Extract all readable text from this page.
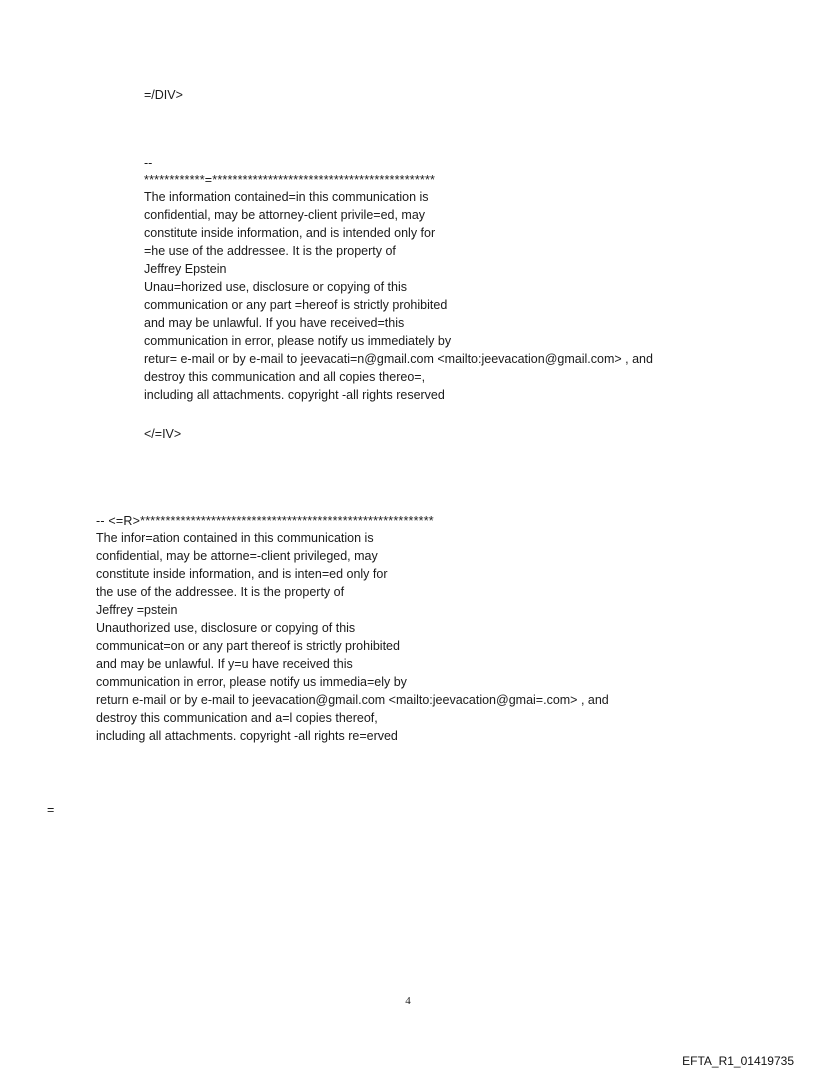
=/DIV>
--
************=********************************************
The information contained=in this communication is
confidential, may be attorney-client privile=ed, may
constitute inside information, and is intended only for
=he use of the addressee. It is the property of
Jeffrey Epstein
Unau=horized use, disclosure or copying of this
communication or any part =hereof is strictly prohibited
and may be unlawful. If you have received=this
communication in error, please notify us immediately by
retur= e-mail or by e-mail to jeevacati=n@gmail.com <mailto:jeevacation@gmail.com> , and
destroy this communication and all copies thereo=,
including all attachments. copyright -all rights reserved
</=IV>
-- <=R>**********************************************************
The infor=ation contained in this communication is
confidential, may be attorne=-client privileged, may
constitute inside information, and is inten=ed only for
the use of the addressee. It is the property of
Jeffrey =pstein
Unauthorized use, disclosure or copying of this
communicat=on or any part thereof is strictly prohibited
and may be unlawful. If y=u have received this
communication in error, please notify us immedia=ely by
return e-mail or by e-mail to jeevacation@gmail.com <mailto:jeevacation@gmai=.com> , and
destroy this communication and a=l copies thereof,
including all attachments. copyright -all rights re=erved
=
4
EFTA_R1_01419735
